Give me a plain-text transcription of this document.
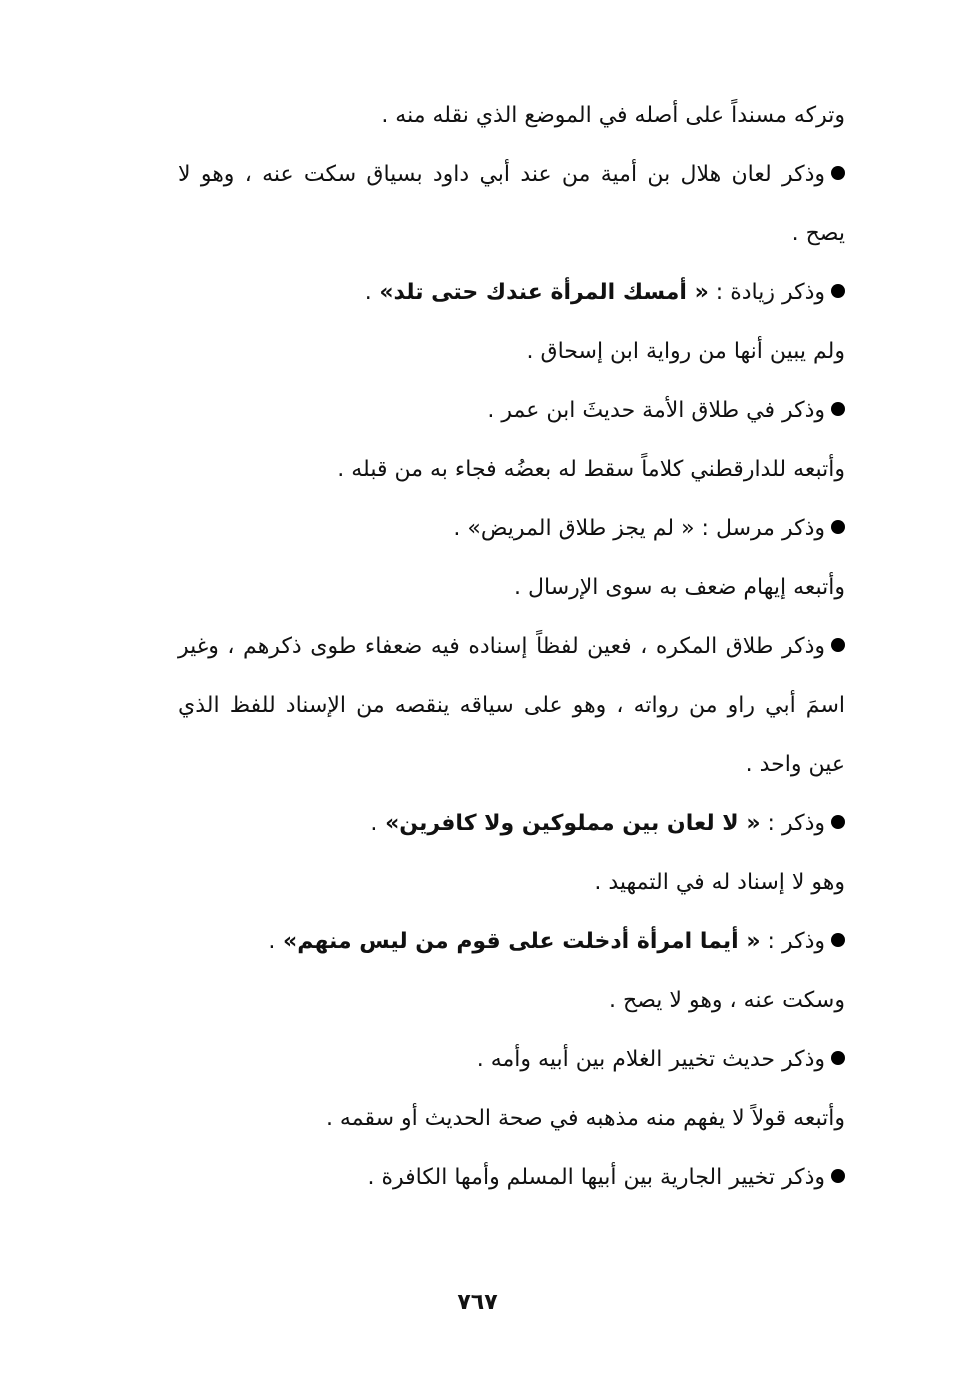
وتركه مسنداً على أصله في الموضع الذي نقله منه .

وذكر لعان هلال بن أمية من عند أبي داود بسياق سكت عنه ، وهو لا يصح .

وذكر زيادة : « أمسك المرأة عندك حتى تلد» .

ولم يبين أنها من رواية ابن إسحاق .

وذكر في طلاق الأمة حديثَ ابن عمر .

وأتبعه للدارقطني كلاماً سقط له بعضُه فجاء به من قبله .

وذكر مرسل : « لم يجز طلاق المريض» .

وأتبعه إيهام ضعف به سوى الإرسال .

وذكر طلاق المكره ، فعين لفظاً إسناده فيه ضعفاء طوى ذكرهم ، وغير اسمَ أبي راو من رواته ، وهو على سياقه ينقصه من الإسناد للفظ الذي عين واحد .

وذكر : « لا لعان بين مملوكين ولا كافرين» .

وهو لا إسناد له في التمهيد .

وذكر : « أيما امرأة أدخلت على قوم من ليس منهم» .

وسكت عنه ، وهو لا يصح .

وذكر حديث تخيير الغلام بين أبيه وأمه .

وأتبعه قولاً لا يفهم منه مذهبه في صحة الحديث أو سقمه .

وذكر تخيير الجارية بين أبيها المسلم وأمها الكافرة .

٧٦٧
